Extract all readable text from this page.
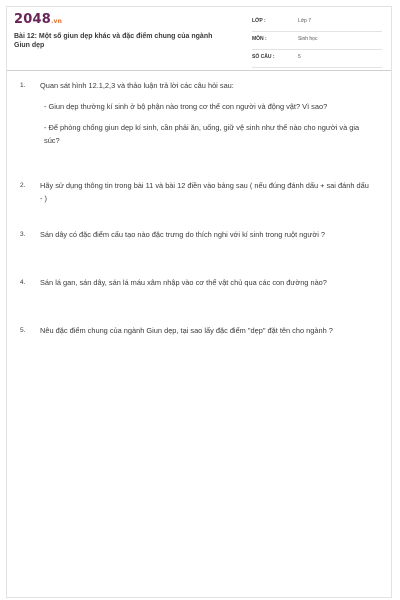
2048.vn
Bài 12: Một số giun dẹp khác và đặc điểm chung của ngành Giun dẹp
LỚP :	Lớp 7
MÔN :	Sinh học
SỐ CÂU :	5
1. Quan sát hình 12.1,2,3 và thảo luận trả lời các câu hỏi sau:
- Giun dẹp thường kí sinh ở bộ phận nào trong cơ thể con người và động vật? Vì sao?
- Để phòng chống giun dẹp kí sinh, cần phải ăn, uống, giữ vệ sinh như thế nào cho người và gia súc?
2. Hãy sử dụng thông tin trong bài 11 và bài 12 điền vào bảng sau ( nếu đúng đánh dấu + sai đánh dấu - )
3. Sán dây có đặc điểm cấu tạo nào đặc trưng do thích nghi với kí sinh trong ruột người ?
4. Sán lá gan, sán dây, sán lá máu xâm nhập vào cơ thể vật chủ qua các con đường nào?
5. Nêu đặc điểm chung của ngành Giun dẹp, tại sao lấy đặc điểm "dẹp" đặt tên cho ngành ?
